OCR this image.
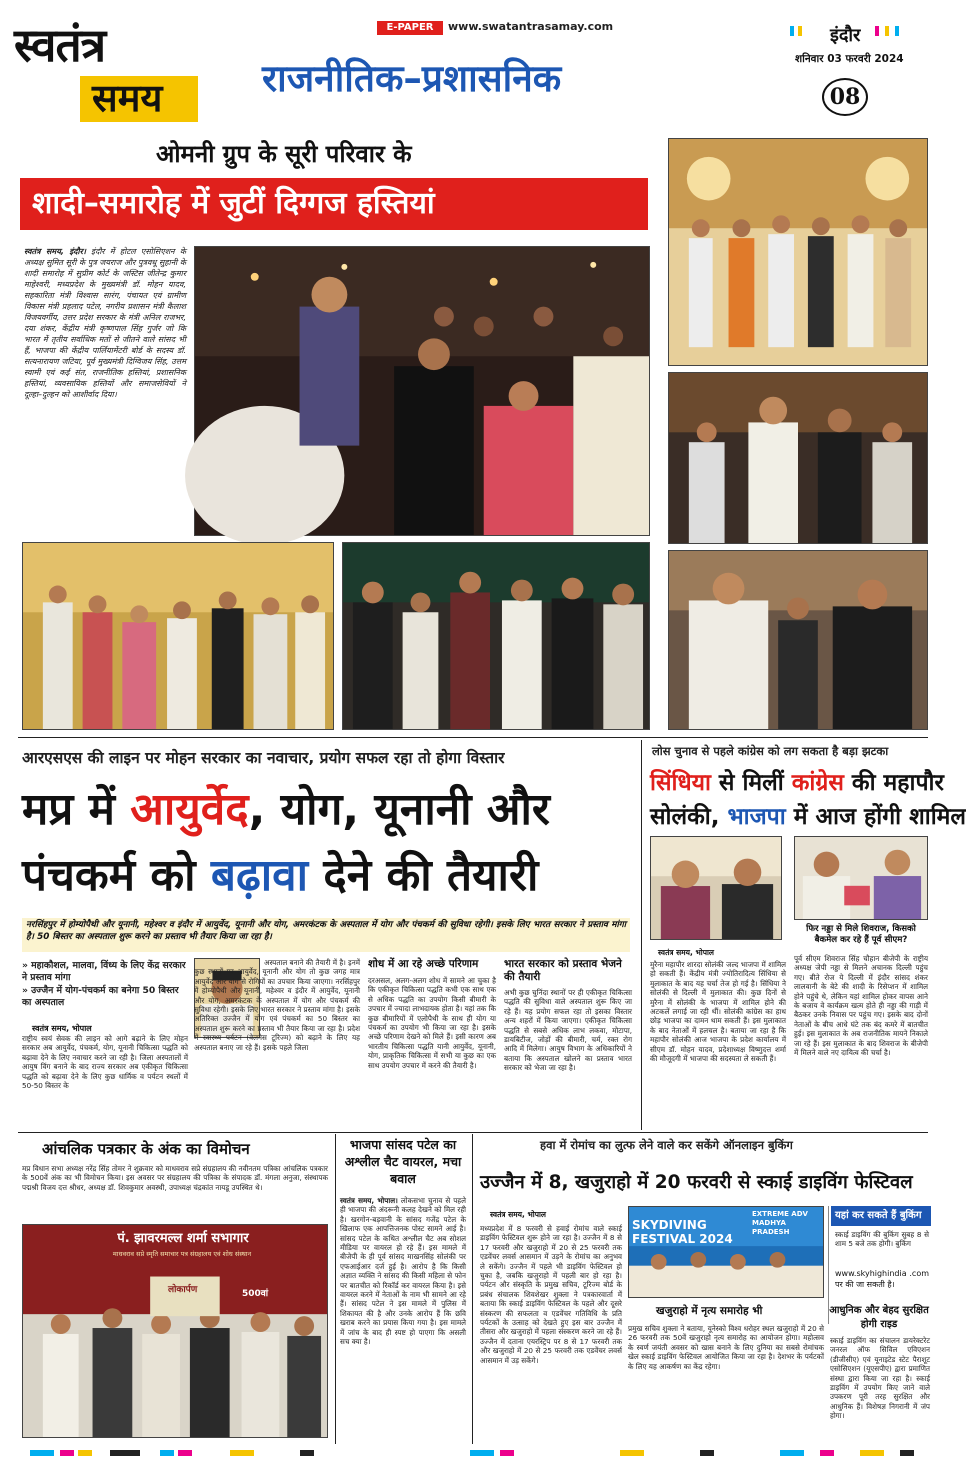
स्वतंत्र
समय
E-PAPER	www.swatantrasamay.com
राजनीतिक–प्रशासनिक
इंदौर
शनिवार 03 फरवरी 2024
08
ओमनी ग्रुप के सूरी परिवार के
शादी–समारोह में जुटीं दिग्गज हस्तियां
स्वतंत्र समय, इंदौर। इंदौर में होटल एसोसिएशन के अध्यक्ष सुमित सूरी के पुत्र जयराज और पुत्रवधू सुहानी के शादी समारोह में सुप्रीम कोर्ट के जस्टिस जीतेन्द्र कुमार माहेश्वरी, मध्यप्रदेश के मुख्यमंत्री डॉ. मोहन यादव, सहकारिता मंत्री विश्वास सारंग, पंचायत एवं ग्रामीण विकास मंत्री प्रहलाद पटेल, नगरीय प्रशासन मंत्री कैलाश विजयवर्गीय, उत्तर प्रदेश सरकार के मंत्री अनिल राजभर, दया शंकर, केंद्रीय मंत्री कृष्णपाल सिंह गुर्जर जो कि भारत में तृतीय सर्वाधिक मतों से जीतने वाले सांसद भी हैं, भाजपा की केंद्रीय पार्लियामेंटरी बोर्ड के सदस्य डॉ. सत्यनारायण जटिया, पूर्व मुख्यमंत्री दिग्विजय सिंह, उत्तम स्वामी एवं कई संत, राजनीतिक हस्तियां, प्रशासनिक हस्तियां, व्यवसायिक हस्तियों और समाजसेवियों ने दूल्हा–दुल्हन को आशीर्वाद दिया।
आरएसएस की लाइन पर मोहन सरकार का नवाचार, प्रयोग सफल रहा तो होगा विस्तार
मप्र में आयुर्वेद, योग, यूनानी और
पंचकर्म को बढ़ावा देने की तैयारी
नरसिंहपुर में होम्योपैथी और यूनानी, महेश्वर व इंदौर में आयुर्वेद, यूनानी और योग, अमरकंटक के अस्पताल में योग और पंचकर्म की सुविधा रहेगी। इसके लिए भारत सरकार ने प्रस्ताव मांगा है। 50 बिस्तर का अस्पताल शुरू करने का प्रस्ताव भी तैयार किया जा रहा है।
» महाकौशल, मालवा, विंध्य के लिए केंद्र सरकार ने प्रस्ताव मांगा
» उज्जैन में योग-पंचकर्म का बनेगा 50 बिस्तर का अस्पताल
स्वतंत्र समय, भोपाल
राष्ट्रीय स्वयं सेवक की लाइन को आगे बढ़ाने के लिए मोहन सरकार अब आयुर्वेद, पंचकर्म, योग, यूनानी चिकित्सा पद्धति को बढ़ावा देने के लिए नवाचार करने जा रही है। जिला अस्पतालों में आयुष विंग बनाने के बाद राज्य सरकार अब एकीकृत चिकित्सा पद्धति को बढ़ावा देने के लिए कुछ धार्मिक व पर्यटन स्थलों में 50-50 बिस्तर के
अस्पताल बनाने की तैयारी में है। इनमें कुछ स्थानों पर आयुर्वेद, यूनानी और योग तो कुछ जगह मात्र आयुर्वेद और योग से रोगियों का उपचार किया जाएगा। नरसिंहपुर में होम्योपैथी और यूनानी, महेश्वर व इंदौर में आयुर्वेद, यूनानी और योग, अमरकंटक के अस्पताल में योग और पंचकर्म की सुविधा रहेगी। इसके लिए भारत सरकार ने प्रस्ताव मांगा है। इसके अतिरिक्त उज्जैन में योग एवं पंचकर्म का 50 बिस्तर का अस्पताल शुरू करने का प्रस्ताव भी तैयार किया जा रहा है। प्रदेश में स्वास्थ्य पर्यटन (वेलनेस टूरिज्म) को बढ़ाने के लिए यह अस्पताल बनाए जा रहे हैं। इसके पहले जिला
शोध में आ रहे अच्छे परिणाम
दरअसल, अलग-अलग शोध में सामने आ चुका है कि एकीकृत चिकित्सा पद्धति कभी एक साथ एक से अधिक पद्धति का उपयोग किसी बीमारी के उपचार में ज्यादा लाभदायक होता है। यहां तक कि कुछ बीमारियों में एलोपैथी के साथ ही योग या पंचकर्म का उपयोग भी किया जा रहा है। इसके अच्छे परिणाम देखने को मिले हैं। इसी कारण अब भारतीय चिकित्सा पद्धति यानी आयुर्वेद, यूनानी, योग, प्राकृतिक चिकित्सा में सभी या कुछ का एक साथ उपयोग उपचार में करने की तैयारी है।
भारत सरकार को प्रस्ताव भेजने की तैयारी
अभी कुछ चुनिंदा स्थानों पर ही एकीकृत चिकित्सा पद्धति की सुविधा वाले अस्पताल शुरू किए जा रहे हैं। यह प्रयोग सफल रहा तो इसका विस्तार अन्य शहरों में किया जाएगा। एकीकृत चिकित्सा पद्धति से सबसे अधिक लाभ लकवा, मोटापा, डायबिटीज, जोड़ों की बीमारी, चर्म, रक्त रोग आदि में मिलेगा। आयुष विभाग के अधिकारियों ने बताया कि अस्पताल खोलने का प्रस्ताव भारत सरकार को भेजा जा रहा है।
लोस चुनाव से पहले कांग्रेस को लग सकता है बड़ा झटका
सिंधिया से मिलीं कांग्रेस की महापौर
सोलंकी, भाजपा में आज होंगी शामिल
फिर नड्डा से मिले शिवराज, किसको बैकमेल कर रहे हैं पूर्व सीएम?
स्वतंत्र समय, भोपाल
मुरैना महापौर शारदा सोलंकी जल्द भाजपा में शामिल हो सकती हैं। केंद्रीय मंत्री ज्योतिरादित्य सिंधिया से मुलाकात के बाद यह चर्चा तेज हो गई है। सिंधिया ने सोलंकी से दिल्ली में मुलाकात की। कुछ दिनों से मुरैना में सोलंकी के भाजपा में शामिल होने की अटकलें लगाई जा रही थीं। सोलंकी कांग्रेस का हाथ छोड़ भाजपा का दामन थाम सकती हैं। इस मुलाकात के बाद नेताओं में हलचल है। बताया जा रहा है कि महापौर सोलंकी आज भाजपा के प्रदेश कार्यालय में सीएम डॉ. मोहन यादव, प्रदेशाध्यक्ष विष्णुदत्त शर्मा की मौजूदगी में भाजपा की सदस्यता ले सकती हैं।
पूर्व सीएम शिवराज सिंह चौहान बीजेपी के राष्ट्रीय अध्यक्ष जेपी नड्डा से मिलने अचानक दिल्ली पहुंच गए। बीते रोज ये दिल्ली में इंदौर सांसद शंकर लालवानी के बेटे की शादी के रिसेप्शन में शामिल होने पहुंचे थे, लेकिन यहां शामिल होकर वापस आने के बजाय वे कार्यक्रम खत्म होते ही नड्डा की गाड़ी में बैठकर उनके निवास पर पहुंच गए। इसके बाद दोनों नेताओं के बीच आधे घंटे तक बंद कमरे में बातचीत हुई। इस मुलाकात के अब राजनीतिक मायने निकाले जा रहे हैं। इस मुलाकात के बाद शिवराज के बीजेपी में मिलने वाले नए दायित्व की चर्चा है।
आंचलिक पत्रकार के अंक का विमोचन
मप्र विधान सभा अध्यक्ष नरेंद्र सिंह तोमर ने शुक्रवार को माधवराव सप्रे संग्रहालय की नवीनतम पत्रिका आंचलिक पत्रकार के 500वें अंक का भी विमोचन किया। इस अवसर पर संग्रहालय की पत्रिका के संपादक डॉ. मंगला अनुजा, संस्थापक पद्मश्री विजय दत्त श्रीधर, अध्यक्ष डॉ. शिवकुमार अवस्थी, उपाध्यक्ष चंद्रकांत नायडू उपस्थित थे।
पं. झावरमल्ल शर्मा सभागार
माधवराव सप्रे स्मृति समाचार पत्र संग्रहालय एवं शोध संस्थान
लोकार्पण	500वां
भाजपा सांसद पटेल का अश्लील चैट वायरल, मचा बवाल
स्वतंत्र समय, भोपाल। लोकसभा चुनाव से पहले ही भाजपा की अंदरूनी कलह देखने को मिल रही है। खरगोन-बड़वानी के सांसद गजेंद्र पटेल के खिलाफ एक आपत्तिजनक पोस्ट सामने आई है। सांसद पटेल के कथित अश्लील चैट अब सोशल मीडिया पर वायरल हो रहे हैं। इस मामले में बीजेपी के ही पूर्व सांसद माखनसिंह सोलंकी पर एफआईआर दर्ज हुई है। आरोप है कि किसी अज्ञात व्यक्ति ने सांसद की किसी महिला से फोन पर बातचीत को रिकॉर्ड कर वायरल किया है। इसे वायरल करने में नेताओं के नाम भी सामने आ रहे हैं। सांसद पटेल ने इस मामले में पुलिस में शिकायत की है और उनके आरोप हैं कि छवि खराब करने का प्रयास किया गया है। इस मामले में जांच के बाद ही स्पष्ट हो पाएगा कि असली सच क्या है।
हवा में रोमांच का लुत्फ लेने वाले कर सकेंगे ऑनलाइन बुकिंग
उज्जैन में 8, खजुराहो में 20 फरवरी से स्काई डाइविंग फेस्टिवल
स्वतंत्र समय, भोपाल
मध्यप्रदेश में 8 फरवरी से हवाई रोमांच वाले स्काई डाइविंग फेस्टिवल शुरू होने जा रहा है। उज्जैन में 8 से 17 फरवरी और खजुराहो में 20 से 25 फरवरी तक एडवेंचर लवर्स आसमान में उड़ने के रोमांच का अनुभव ले सकेंगे। उज्जैन में पहले भी डाइविंग फेस्टिवल हो चुका है, जबकि खजुराहो में पहली बार हो रहा है। पर्यटन और संस्कृति के प्रमुख सचिव, टूरिज्म बोर्ड के प्रबंध संचालक शिवशेखर शुक्ला ने पत्रकारवार्ता में बताया कि स्काई डाइविंग फेस्टिवल के पहले और दूसरे संस्करण की सफलता व एडवेंचर गतिविधि के प्रति पर्यटकों के उत्साह को देखते हुए इस बार उज्जैन में तीसरा और खजुराहो में पहला संस्करण करने जा रहे हैं। उज्जैन में दताना एयरस्ट्रिप पर 8 से 17 फरवरी तक और खजुराहो में 20 से 25 फरवरी तक एडवेंचर लवर्स आसमान में उड़ सकेंगे।
SKYDIVING FESTIVAL 2024
EXTREME ADV MADHYA PRADESH
यहां कर सकते हैं बुकिंग
स्काई डाइविंग की बुकिंग सुबह 8 से शाम 5 बजे तक होगी। बुकिंग
www.skyhighindia .com पर की जा सकती है।
खजुराहो में नृत्य समारोह भी
प्रमुख सचिव शुक्ला ने बताया, यूनेस्को विश्व धरोहर स्थल खजुराहो में 20 से 26 फरवरी तक 50वें खजुराहो नृत्य समारोह का आयोजन होगा। महोत्सव के स्वर्ण जयंती अवसर को खास बनाने के लिए दुनिया का सबसे रोमांचक खेल स्काई डाइविंग फेस्टिवल आयोजित किया जा रहा है। देशभर के पर्यटकों के लिए यह आकर्षण का केंद्र रहेगा।
आधुनिक और बेहद सुरक्षित होगी राइड
स्काई डाइविंग का संचालन डायरेक्टरेट जनरल ऑफ सिविल एविएशन (डीजीसीए) एवं यूनाइटेड स्टेट पैराशूट एसोसिएशन (यूएसपीए) द्वारा प्रमाणित संस्था द्वारा किया जा रहा है। स्काई डाइविंग में उपयोग किए जाने वाले उपकरण पूरी तरह सुरक्षित और आधुनिक हैं। विशेषज्ञ निगरानी में जंप होगा।
